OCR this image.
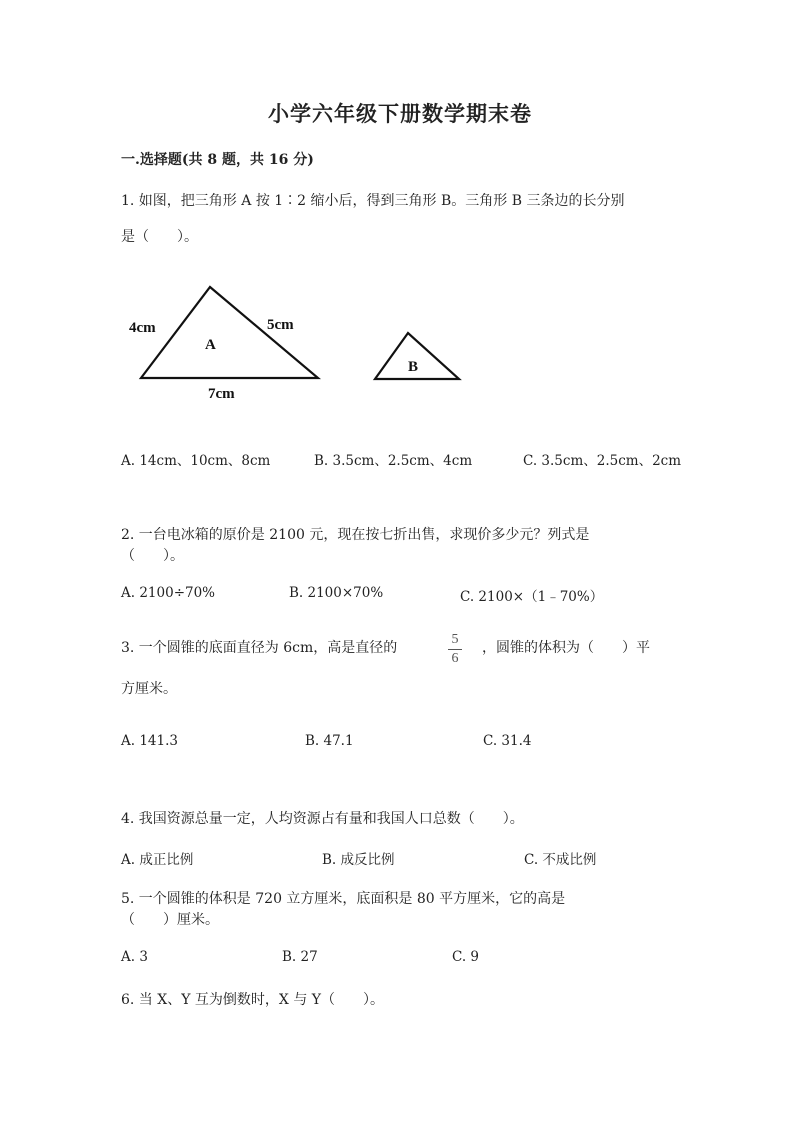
小学六年级下册数学期末卷
一.选择题(共 8 题，共 16 分)
1. 如图，把三角形 A 按 1∶2 缩小后，得到三角形 B。三角形 B 三条边的长分别
是（　　）。
A
4cm	5cm
7cm
B
A. 14cm、10cm、8cm	B. 3.5cm、2.5cm、4cm	C. 3.5cm、2.5cm、2cm
2. 一台电冰箱的原价是 2100 元，现在按七折出售，求现价多少元？列式是
（　　）。
A. 2100÷70%	B. 2100×70%	C. 2100×（1﹣70%）
3. 一个圆锥的底面直径为 6cm，高是直径的
5
6
，圆锥的体积为（　　）平
方厘米。
A. 141.3	B. 47.1	C. 31.4
4. 我国资源总量一定，人均资源占有量和我国人口总数（　　）。
A. 成正比例	B. 成反比例	C. 不成比例
5. 一个圆锥的体积是 720 立方厘米，底面积是 80 平方厘米，它的高是
（　　）厘米。
A. 3	B. 27	C. 9
6. 当 X、Y 互为倒数时，X 与 Y（　　）。
